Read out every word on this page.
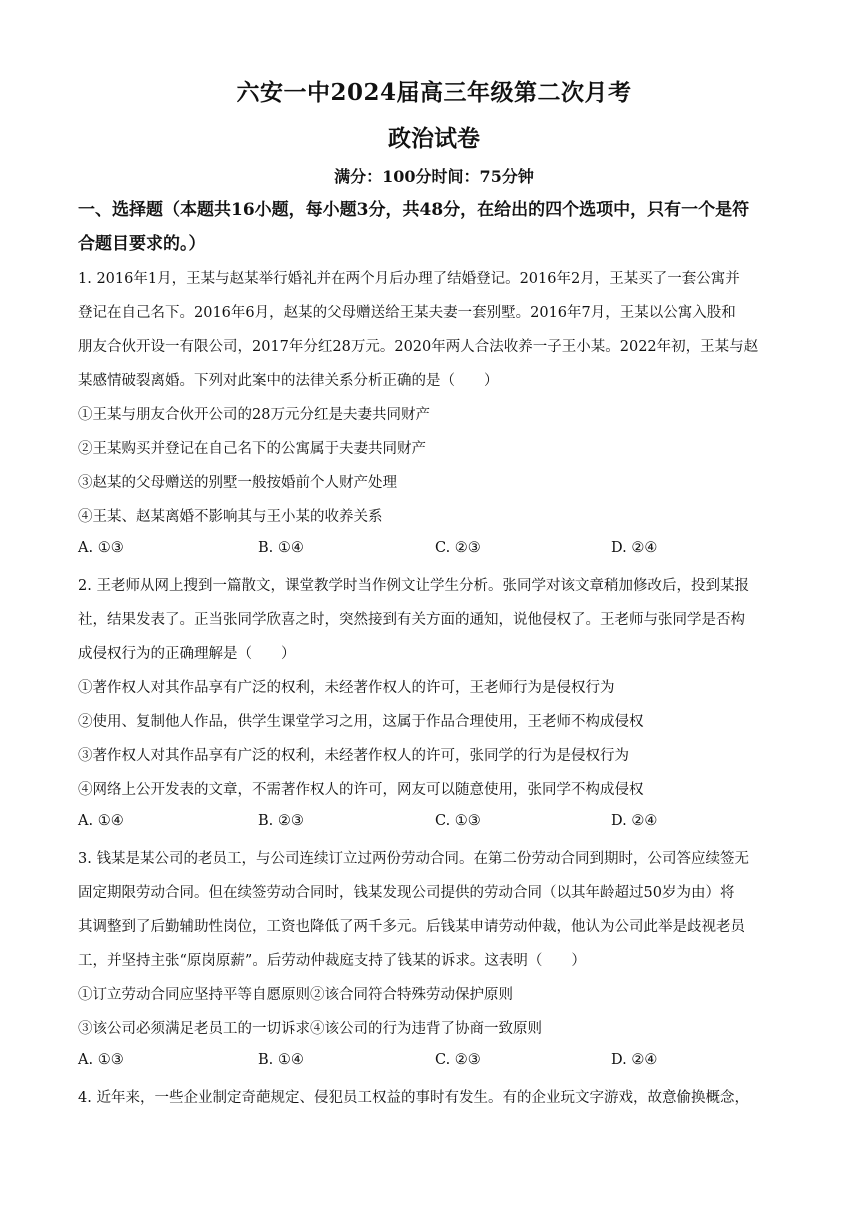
六安一中2024届高三年级第二次月考
政治试卷
满分：100分时间：75分钟
一、选择题（本题共16小题，每小题3分，共48分，在给出的四个选项中，只有一个是符
合题目要求的。）
1. 2016年1月，王某与赵某举行婚礼并在两个月后办理了结婚登记。2016年2月，王某买了一套公寓并
登记在自己名下。2016年6月，赵某的父母赠送给王某夫妻一套别墅。2016年7月，王某以公寓入股和
朋友合伙开设一有限公司，2017年分红28万元。2020年两人合法收养一子王小某。2022年初，王某与赵
某感情破裂离婚。下列对此案中的法律关系分析正确的是（　　）
①王某与朋友合伙开公司的28万元分红是夫妻共同财产
②王某购买并登记在自己名下的公寓属于夫妻共同财产
③赵某的父母赠送的别墅一般按婚前个人财产处理
④王某、赵某离婚不影响其与王小某的收养关系
A. ①③	B. ①④	C. ②③	D. ②④
2. 王老师从网上搜到一篇散文，课堂教学时当作例文让学生分析。张同学对该文章稍加修改后，投到某报
社，结果发表了。正当张同学欣喜之时，突然接到有关方面的通知，说他侵权了。王老师与张同学是否构
成侵权行为的正确理解是（　　）
①著作权人对其作品享有广泛的权利，未经著作权人的许可，王老师行为是侵权行为
②使用、复制他人作品，供学生课堂学习之用，这属于作品合理使用，王老师不构成侵权
③著作权人对其作品享有广泛的权利，未经著作权人的许可，张同学的行为是侵权行为
④网络上公开发表的文章，不需著作权人的许可，网友可以随意使用，张同学不构成侵权
A. ①④	B. ②③	C. ①③	D. ②④
3. 钱某是某公司的老员工，与公司连续订立过两份劳动合同。在第二份劳动合同到期时，公司答应续签无
固定期限劳动合同。但在续签劳动合同时，钱某发现公司提供的劳动合同（以其年龄超过50岁为由）将
其调整到了后勤辅助性岗位，工资也降低了两千多元。后钱某申请劳动仲裁，他认为公司此举是歧视老员
工，并坚持主张“原岗原薪”。后劳动仲裁庭支持了钱某的诉求。这表明（　　）
①订立劳动合同应坚持平等自愿原则②该合同符合特殊劳动保护原则
③该公司必须满足老员工的一切诉求④该公司的行为违背了协商一致原则
A. ①③	B. ①④	C. ②③	D. ②④
4. 近年来，一些企业制定奇葩规定、侵犯员工权益的事时有发生。有的企业玩文字游戏，故意偷换概念，
